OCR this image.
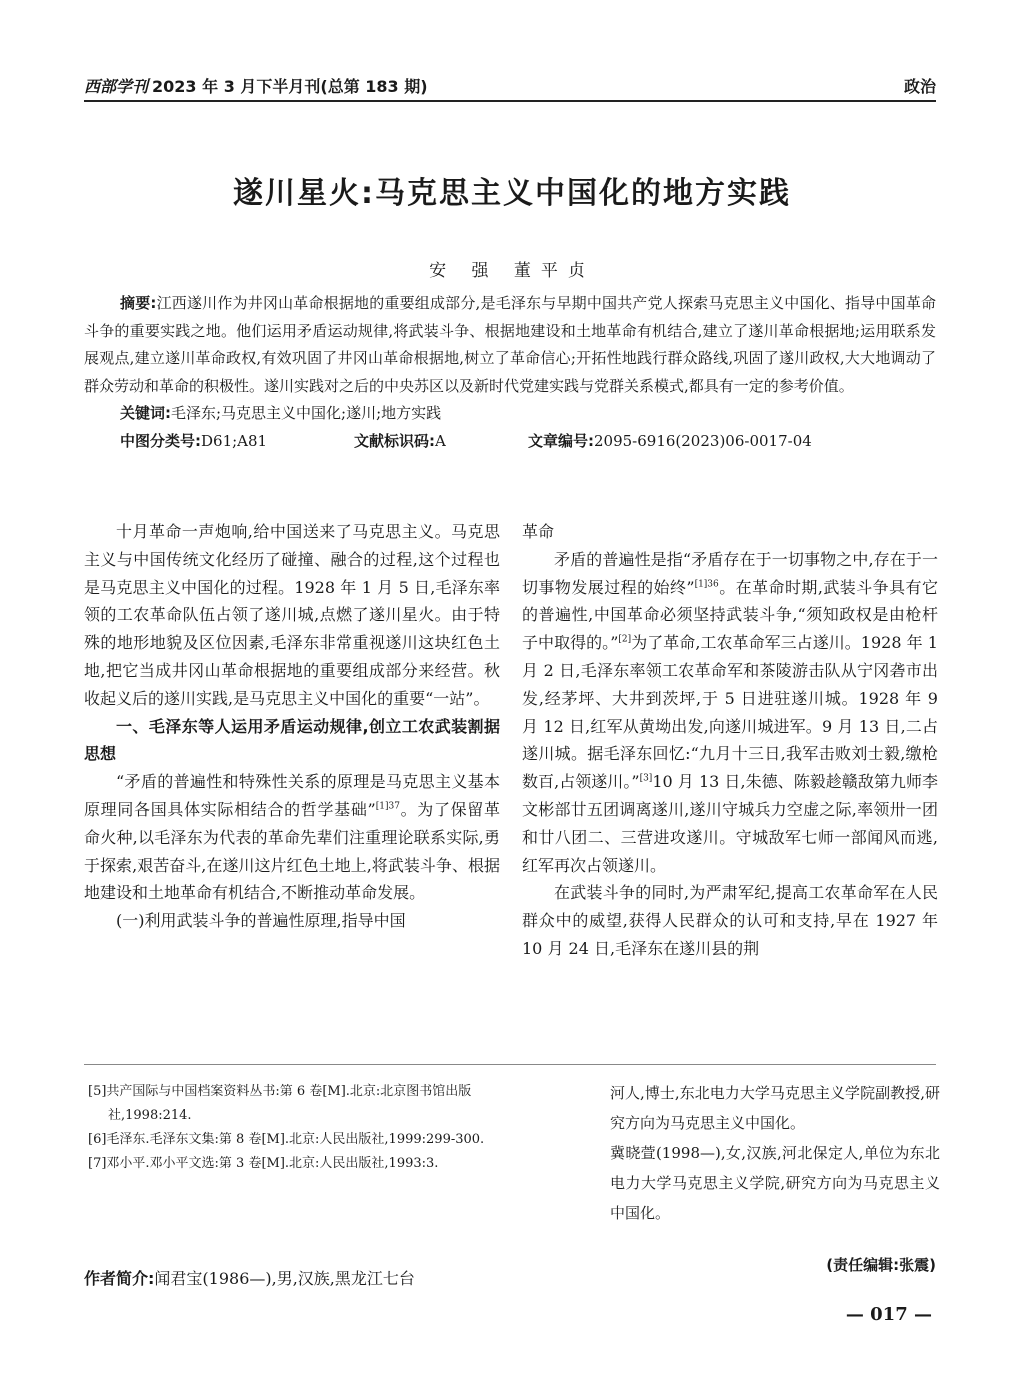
西部学刊 2023 年 3 月下半月刊(总第 183 期)	政治
遂川星火:马克思主义中国化的地方实践
安 强 董平贞

摘要:江西遂川作为井冈山革命根据地的重要组成部分,是毛泽东与早期中国共产党人探索马克思主义中国化、指导中国革命斗争的重要实践之地。他们运用矛盾运动规律,将武装斗争、根据地建设和土地革命有机结合,建立了遂川革命根据地;运用联系发展观点,建立遂川革命政权,有效巩固了井冈山革命根据地,树立了革命信心;开拓性地践行群众路线,巩固了遂川政权,大大地调动了群众劳动和革命的积极性。遂川实践对之后的中央苏区以及新时代党建实践与党群关系模式,都具有一定的参考价值。

关键词:毛泽东;马克思主义中国化;遂川;地方实践
中图分类号:D61;A81	文献标识码:A	文章编号:2095-6916(2023)06-0017-04

十月革命一声炮响,给中国送来了马克思主义。马克思主义与中国传统文化经历了碰撞、融合的过程,这个过程也是马克思主义中国化的过程。1928 年 1 月 5 日,毛泽东率领的工农革命队伍占领了遂川城,点燃了遂川星火。由于特殊的地形地貌及区位因素,毛泽东非常重视遂川这块红色土地,把它当成井冈山革命根据地的重要组成部分来经营。秋收起义后的遂川实践,是马克思主义中国化的重要“一站”。

一、毛泽东等人运用矛盾运动规律,创立工农武装割据思想

“矛盾的普遍性和特殊性关系的原理是马克思主义基本原理同各国具体实际相结合的哲学基础”$^{[1]37}$。为了保留革命火种,以毛泽东为代表的革命先辈们注重理论联系实际,勇于探索,艰苦奋斗,在遂川这片红色土地上,将武装斗争、根据地建设和土地革命有机结合,不断推动革命发展。

(一)利用武装斗争的普遍性原理,指导中国

革命

矛盾的普遍性是指“矛盾存在于一切事物之中,存在于一切事物发展过程的始终”$^{[1]36}$。在革命时期,武装斗争具有它的普遍性,中国革命必须坚持武装斗争,“须知政权是由枪杆子中取得的。”[2]为了革命,工农革命军三占遂川。1928 年 1 月 2 日,毛泽东率领工农革命军和茶陵游击队从宁冈砻市出发,经茅坪、大井到茨坪,于 5 日进驻遂川城。1928 年 9 月 12 日,红军从黄坳出发,向遂川城进军。9 月 13 日,二占遂川城。据毛泽东回忆:“九月十三日,我军击败刘士毅,缴枪数百,占领遂川。”[3]10 月 13 日,朱德、陈毅趁赣敌第九师李文彬部廿五团调离遂川,遂川守城兵力空虚之际,率领卅一团和廿八团二、三营进攻遂川。守城敌军七师一部闻风而逃,红军再次占领遂川。

在武装斗争的同时,为严肃军纪,提高工农革命军在人民群众中的威望,获得人民群众的认可和支持,早在 1927 年 10 月 24 日,毛泽东在遂川县的荆

[5]共产国际与中国档案资料丛书:第 6 卷[M].北京:北京图书馆出版社,1998:214.
[6]毛泽东.毛泽东文集:第 8 卷[M].北京:人民出版社,1999:299-300.
[7]邓小平.邓小平文选:第 3 卷[M].北京:人民出版社,1993:3.
作者简介:闻君宝(1986—),男,汉族,黑龙江七台

河人,博士,东北电力大学马克思主义学院副教授,研究方向为马克思主义中国化。

冀晓萱(1998—),女,汉族,河北保定人,单位为东北电力大学马克思主义学院,研究方向为马克思主义中国化。

(责任编辑:张震)
— 017 —
